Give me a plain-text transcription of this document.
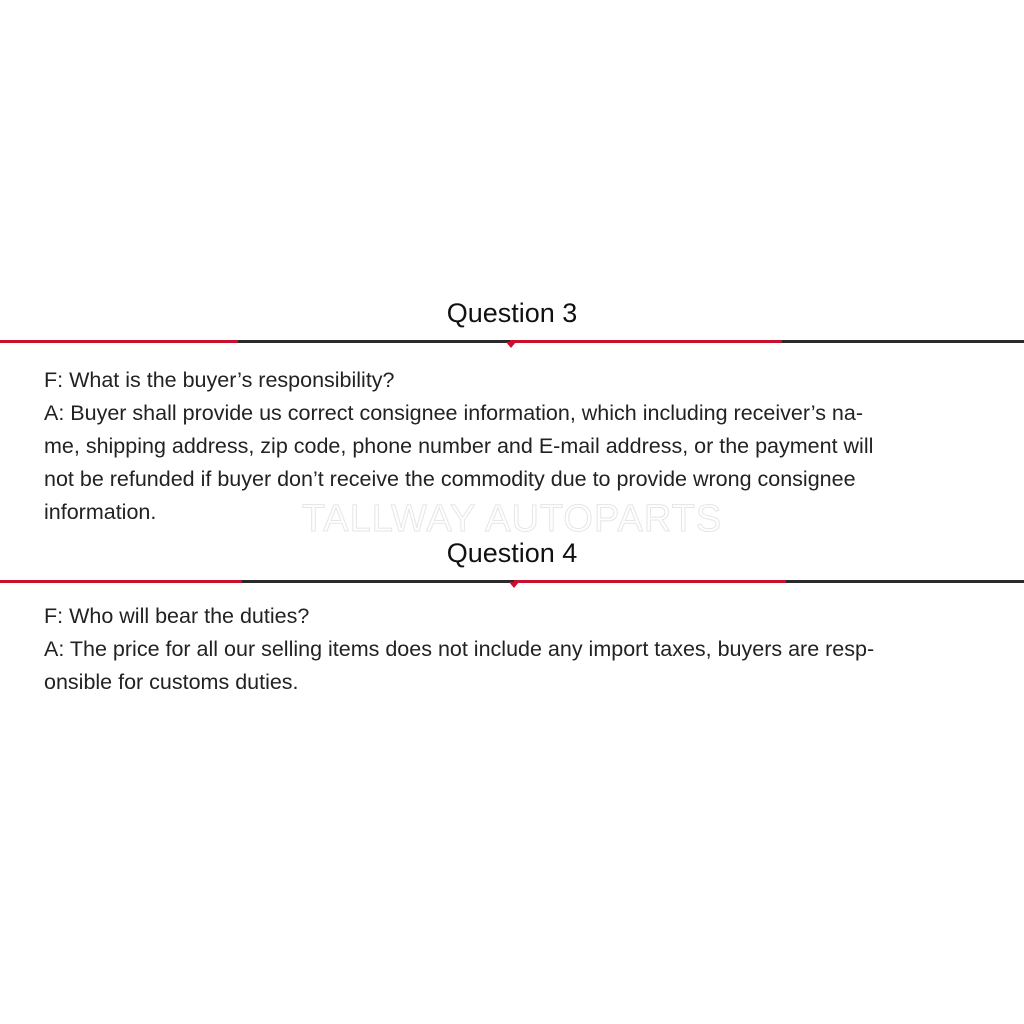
Question 3
F: What is the buyer’s responsibility?
A: Buyer shall provide us correct consignee information, which including receiver’s na-
me, shipping address, zip code, phone number and E-mail address, or the payment will
not be refunded if buyer don’t receive the commodity due to provide wrong consignee
information.	TALLWAY AUTOPARTS
Question 4
F: Who will bear the duties?
A: The price for all our selling items does not include any import taxes, buyers are resp-
onsible for customs duties.
